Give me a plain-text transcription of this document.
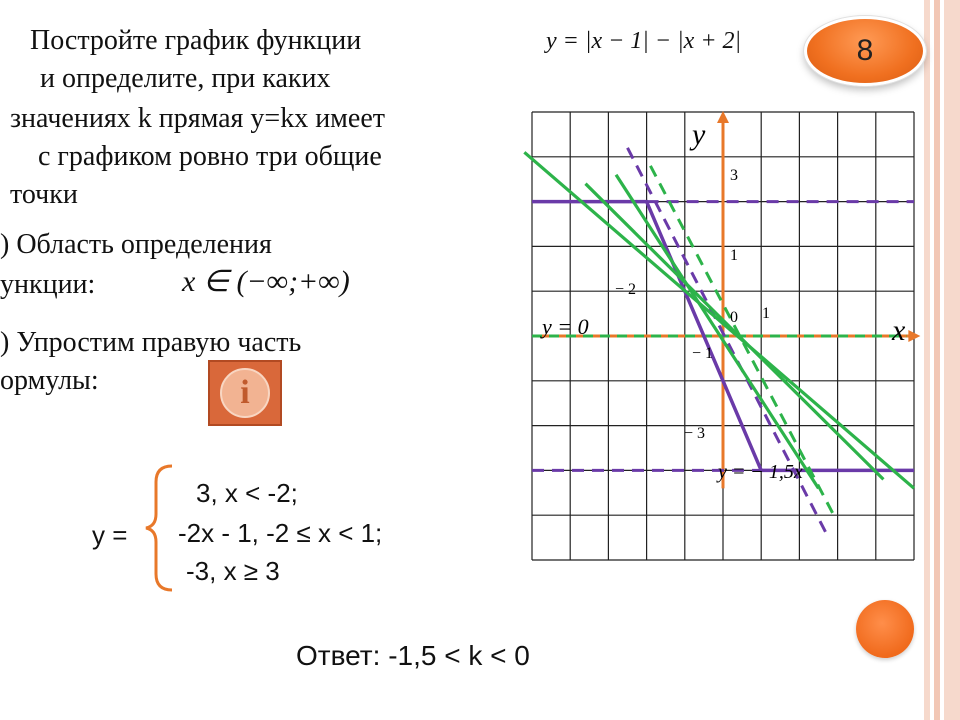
Постройте график функции
и определите, при каких
значениях k прямая y=kx имеет
с графиком ровно три общие
точки
y = |x − 1| − |x + 2|	8
) Область определения
ункции:	x ∈ (−∞;+∞)
) Упростим правую часть
ормулы:	i
y =
3, x < -2;
-2x - 1, -2 ≤ x < 1;
-3, x ≥ 3
Ответ: -1,5 < k < 0
y
x
3
1
− 2
0 1
− 1
− 3
y = 0
y = − 1,5x
